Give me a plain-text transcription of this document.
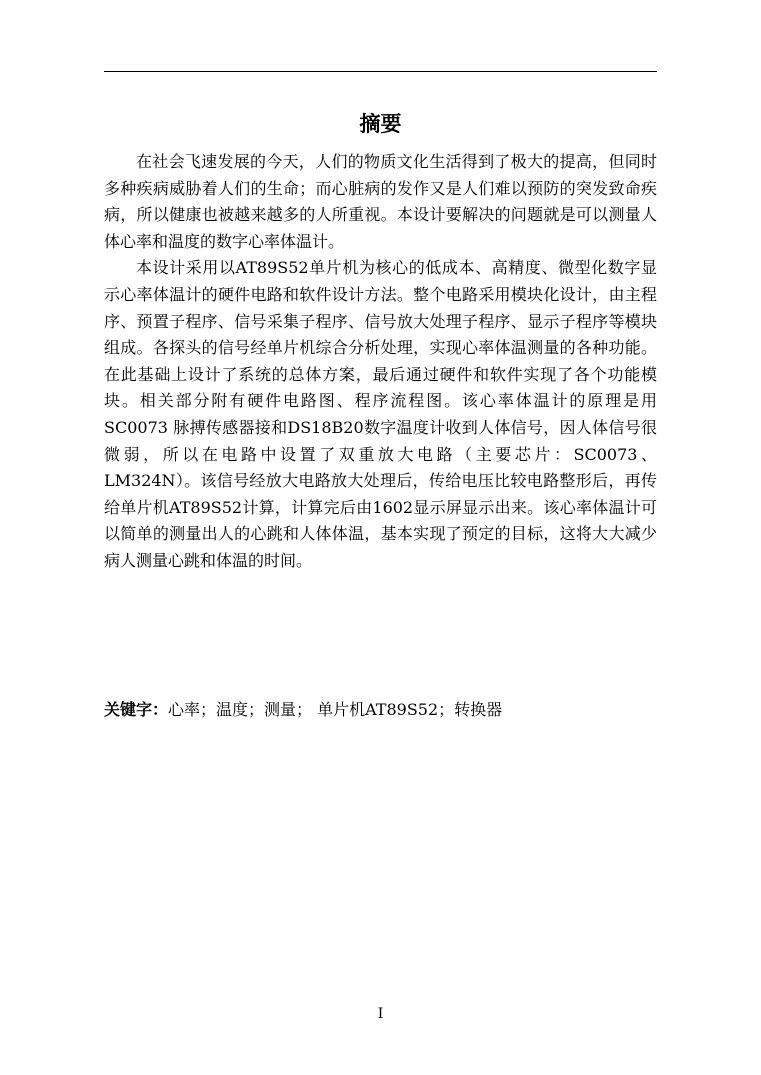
摘要

在社会飞速发展的今天，人们的物质文化生活得到了极大的提高，但同时多种疾病威胁着人们的生命；而心脏病的发作又是人们难以预防的突发致命疾病，所以健康也被越来越多的人所重视。本设计要解决的问题就是可以测量人体心率和温度的数字心率体温计。

本设计采用以AT89S52单片机为核心的低成本、高精度、微型化数字显示心率体温计的硬件电路和软件设计方法。整个电路采用模块化设计，由主程序、预置子程序、信号采集子程序、信号放大处理子程序、显示子程序等模块组成。各探头的信号经单片机综合分析处理，实现心率体温测量的各种功能。在此基础上设计了系统的总体方案，最后通过硬件和软件实现了各个功能模块。相关部分附有硬件电路图、程序流程图。该心率体温计的原理是用SC0073 脉搏传感器接和DS18B20数字温度计收到人体信号，因人体信号很微弱，所以在电路中设置了双重放大电路（主要芯片：SC0073、LM324N）。该信号经放大电路放大处理后，传给电压比较电路整形后，再传给单片机AT89S52计算，计算完后由1602显示屏显示出来。该心率体温计可以简单的测量出人的心跳和人体体温，基本实现了预定的目标，这将大大减少病人测量心跳和体温的时间。

关键字：心率；温度；测量； 单片机AT89S52；转换器

I
